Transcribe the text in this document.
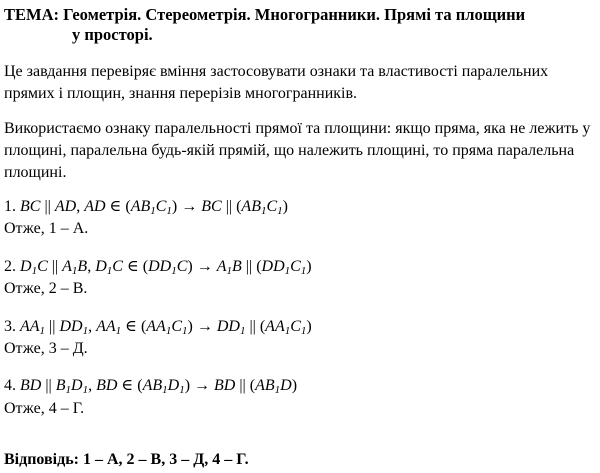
ТЕМА: Геометрія. Стереометрія. Многогранники. Прямі та площини
у просторі.
Це завдання перевіряє вміння застосовувати ознаки та властивості паралельних прямих і площин, знання перерізів многогранників.
Використаємо ознаку паралельності прямої та площини: якщо пряма, яка не лежить у площині, паралельна будь-якій прямій, що належить площині, то пряма паралельна площині.
1. BC || AD, AD ∈ $(AB_1C_1)$ → BC || $(AB_1C_1)$
Отже, 1 – А.
2. $D_1C$ || $A_1B$, $D_1C$ ∈ $(DD_1C) \to A_1B$ || $(DD_1C_1)$
Отже, 2 – В.
3. $AA_1$ || $DD_1$, $AA_1$ ∈ $(AA_1C_1) \to DD_1$ || $(AA_1C_1)$
Отже, 3 – Д.
4. BD || $B_1D_1$, BD ∈ $(AB_1D_1)$ → BD || $(AB_1D)$
Отже, 4 – Г.
Відповідь: 1 – А, 2 – В, 3 – Д, 4 – Г.
